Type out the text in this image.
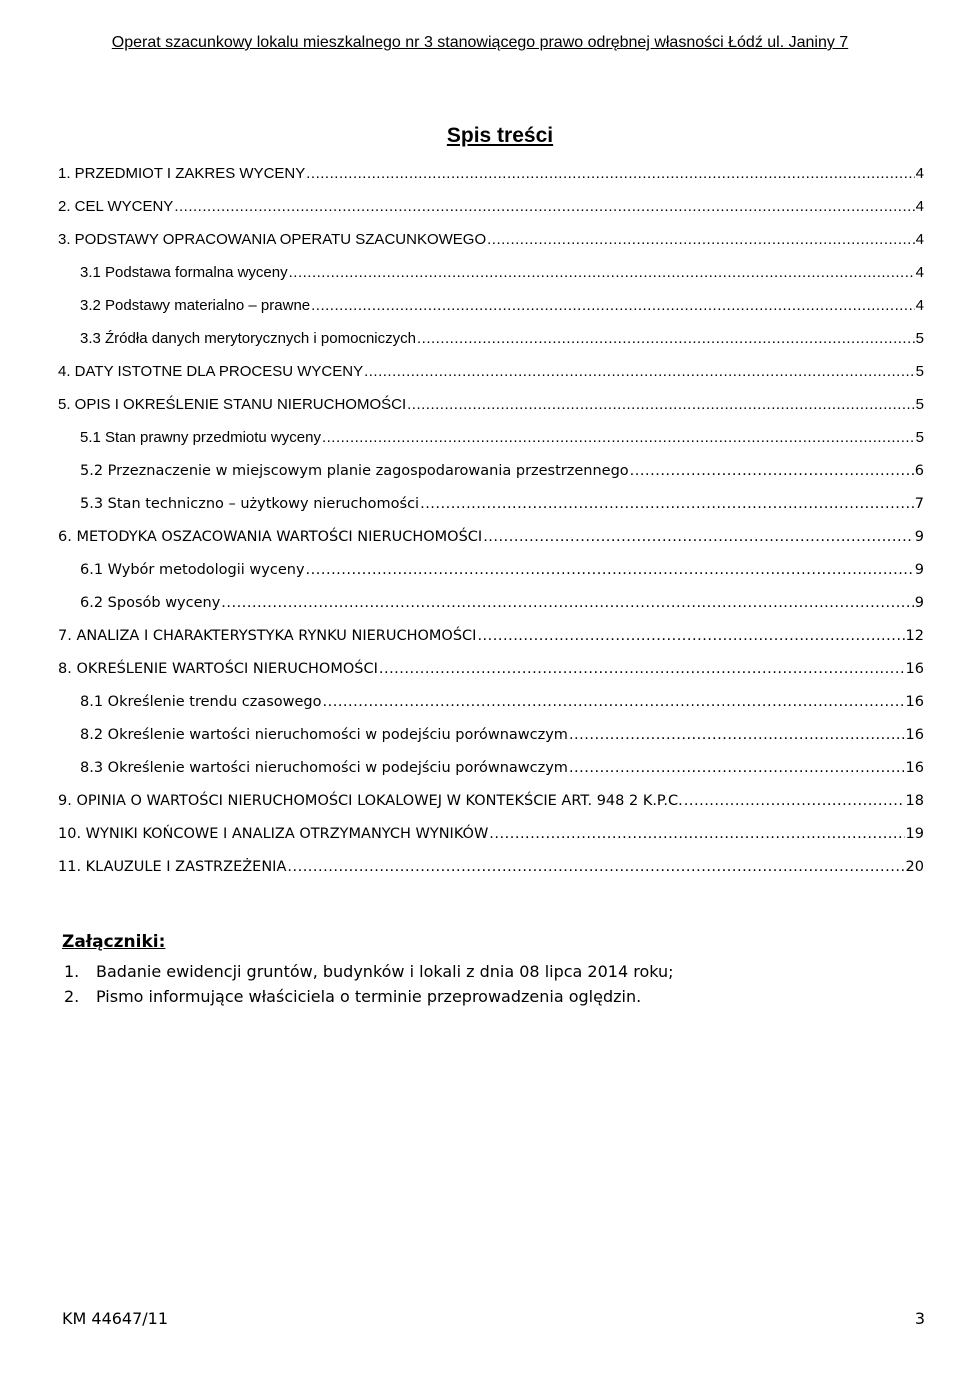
Operat szacunkowy lokalu mieszkalnego nr 3 stanowiącego prawo odrębnej własności Łódź ul. Janiny 7
Spis treści
1. PRZEDMIOT I ZAKRES WYCENY .....	4
2. CEL WYCENY .....	4
3. PODSTAWY OPRACOWANIA OPERATU SZACUNKOWEGO .....	4
3.1 Podstawa formalna wyceny .....	4
3.2 Podstawy materialno – prawne .....	4
3.3 Źródła danych merytorycznych i pomocniczych .....	5
4. DATY ISTOTNE DLA PROCESU WYCENY .....	5
5. OPIS I OKREŚLENIE STANU NIERUCHOMOŚCI .....	5
5.1 Stan prawny przedmiotu wyceny .....	5
5.2 Przeznaczenie w miejscowym planie zagospodarowania przestrzennego .....	6
5.3 Stan techniczno – użytkowy nieruchomości .....	7
6. METODYKA OSZACOWANIA WARTOŚCI NIERUCHOMOŚCI .....	9
6.1 Wybór metodologii wyceny .....	9
6.2 Sposób wyceny .....	9
7. ANALIZA I CHARAKTERYSTYKA RYNKU NIERUCHOMOŚCI .....	12
8. OKREŚLENIE WARTOŚCI NIERUCHOMOŚCI .....	16
8.1 Określenie trendu czasowego .....	16
8.2 Określenie wartości nieruchomości w podejściu porównawczym .....	16
8.3 Określenie wartości nieruchomości w podejściu porównawczym .....	16
9. OPINIA O WARTOŚCI NIERUCHOMOŚCI LOKALOWEJ W KONTEKŚCIE ART. 948 2 K.P.C. .....	18
10. WYNIKI KOŃCOWE I ANALIZA OTRZYMANYCH WYNIKÓW .....	19
11. KLAUZULE I ZASTRZEŻENIA .....	20
Załączniki:
1.	Badanie ewidencji gruntów, budynków i lokali z dnia 08 lipca 2014 roku;
2.	Pismo informujące właściciela o terminie przeprowadzenia oględzin.
KM 44647/11	3
